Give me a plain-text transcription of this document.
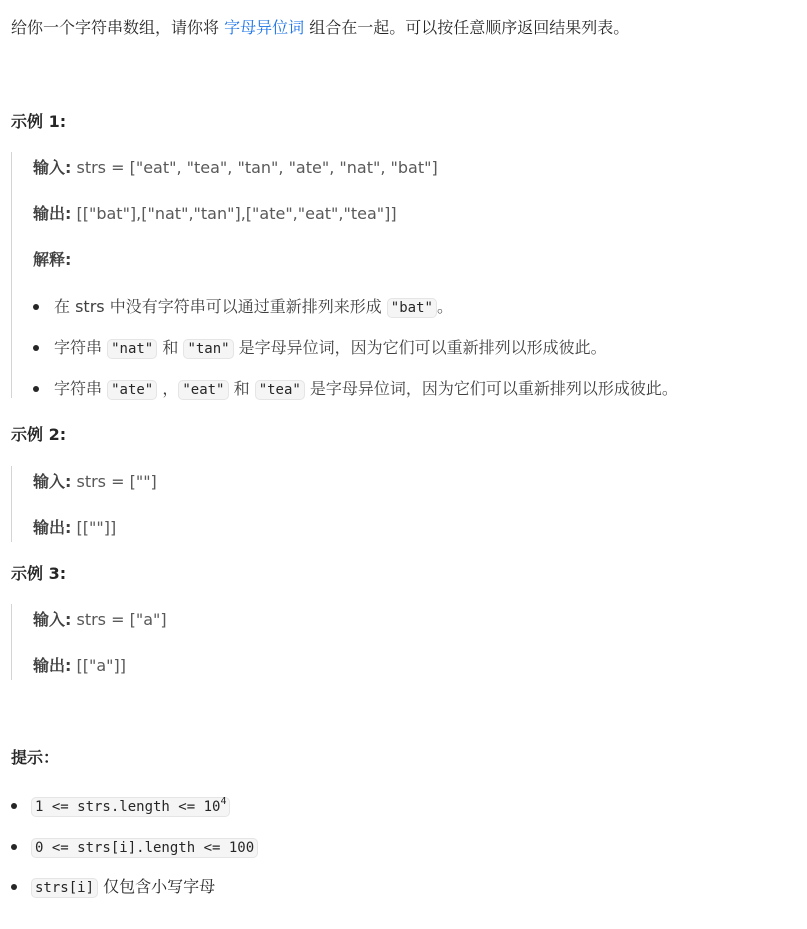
给你一个字符串数组，请你将 字母异位词 组合在一起。可以按任意顺序返回结果列表。
示例 1:
输入: strs = ["eat", "tea", "tan", "ate", "nat", "bat"]
输出: [["bat"],["nat","tan"],["ate","eat","tea"]]
解释:
在 strs 中没有字符串可以通过重新排列来形成 "bat" 。
字符串 "nat" 和 "tan" 是字母异位词，因为它们可以重新排列以形成彼此。
字符串 "ate" ， "eat" 和 "tea" 是字母异位词，因为它们可以重新排列以形成彼此。
示例 2:
输入: strs = [""]
输出: [[""]]
示例 3:
输入: strs = ["a"]
输出: [["a"]]
提示：
1 <= strs.length <= $10^4$
0 <= strs[i].length <= 100
strs[i] 仅包含小写字母
